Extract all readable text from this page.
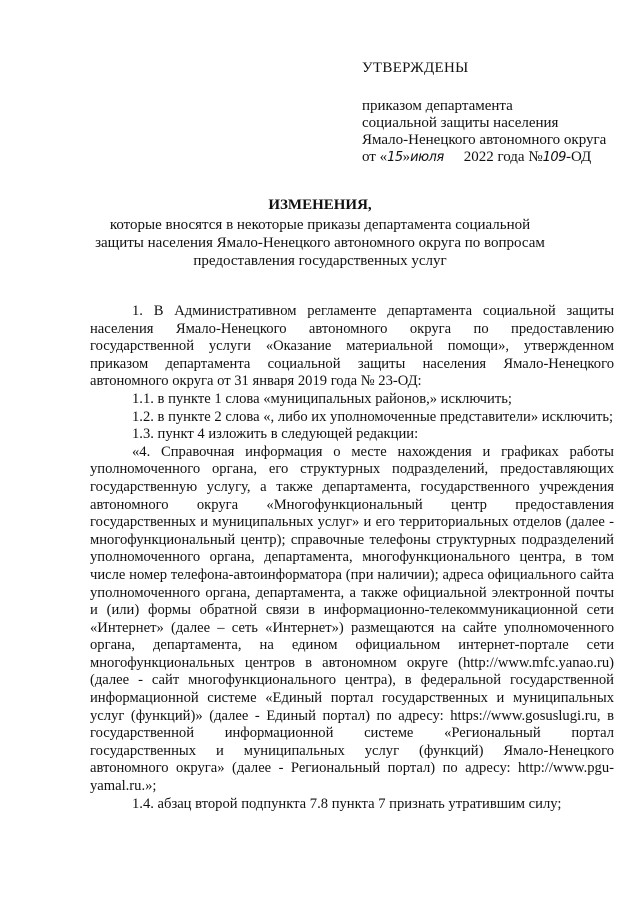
УТВЕРЖДЕНЫ
приказом департамента
социальной защиты населения
Ямало-Ненецкого автономного округа
от «15»июля 2022 года №109-ОД
ИЗМЕНЕНИЯ,
которые вносятся в некоторые приказы департамента социальной защиты населения Ямало-Ненецкого автономного округа по вопросам предоставления государственных услуг
1. В Административном регламенте департамента социальной защиты населения Ямало-Ненецкого автономного округа по предоставлению государственной услуги «Оказание материальной помощи», утвержденном приказом департамента социальной защиты населения Ямало-Ненецкого автономного округа от 31 января 2019 года № 23-ОД:
1.1. в пункте 1 слова «муниципальных районов,» исключить;
1.2. в пункте 2 слова «, либо их уполномоченные представители» исключить;
1.3. пункт 4 изложить в следующей редакции:
«4. Справочная информация о месте нахождения и графиках работы уполномоченного органа, его структурных подразделений, предоставляющих государственную услугу, а также департамента, государственного учреждения автономного округа «Многофункциональный центр предоставления государственных и муниципальных услуг» и его территориальных отделов (далее - многофункциональный центр); справочные телефоны структурных подразделений уполномоченного органа, департамента, многофункционального центра, в том числе номер телефона-автоинформатора (при наличии); адреса официального сайта уполномоченного органа, департамента, а также официальной электронной почты и (или) формы обратной связи в информационно-телекоммуникационной сети «Интернет» (далее – сеть «Интернет») размещаются на сайте уполномоченного органа, департамента, на едином официальном интернет-портале сети многофункциональных центров в автономном округе (http://www.mfc.yanao.ru) (далее - сайт многофункционального центра), в федеральной государственной информационной системе «Единый портал государственных и муниципальных услуг (функций)» (далее - Единый портал) по адресу: https://www.gosuslugi.ru, в государственной информационной системе «Региональный портал государственных и муниципальных услуг (функций) Ямало-Ненецкого автономного округа» (далее - Региональный портал) по адресу: http://www.pgu-yamal.ru.»;
1.4. абзац второй подпункта 7.8 пункта 7 признать утратившим силу;
